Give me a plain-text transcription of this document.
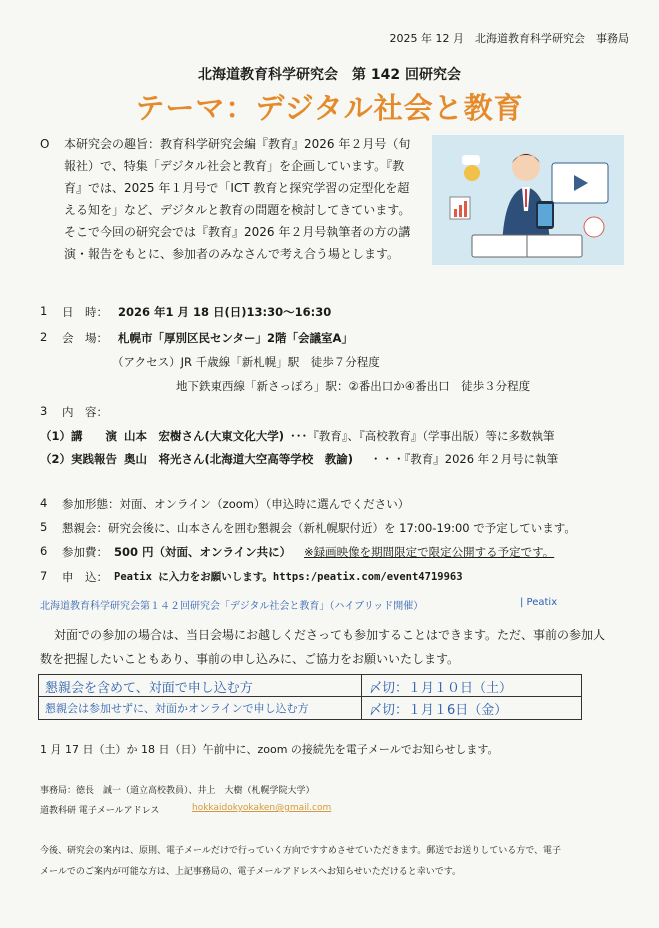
2025 年 12 月　北海道教育科学研究会　事務局
北海道教育科学研究会　第 142 回研究会
テーマ：デジタル社会と教育
O 本研究会の趣旨：教育科学研究会編『教育』2026 年２月号（旬
報社）で、特集「デジタル社会と教育」を企画しています。『教
育』では、2025 年１月号で「ICT 教育と探究学習の定型化を超
える知を」など、デジタルと教育の問題を検討してきています。
そこで今回の研究会では『教育』2026 年２月号執筆者の方の講
演・報告をもとに、参加者のみなさんで考え合う場とします。
1 日　時： 2026 年1 月 18 日(日)13:30～16:30
2 会　場： 札幌市「厚別区民センター」2階「会議室A」
（アクセス）JR 千歳線「新札幌」駅　徒歩７分程度
地下鉄東西線「新さっぽろ」駅：②番出口か④番出口　徒歩３分程度
3 内　容：
（1）講　　演 山本　宏樹さん(大東文化大学) ･･･『教育』、『高校教育』（学事出版）等に多数執筆
（2）実践報告 奥山　将光さん(北海道大空高等学校　教諭) ・・・『教育』2026 年２月号に執筆
4 参加形態：対面、オンライン（zoom）（申込時に選んでください）
5 懇親会：研究会後に、山本さんを囲む懇親会（新札幌駅付近）を 17:00-19:00 で予定しています。
6 参加費： 500 円（対面、オンライン共に） ※録画映像を期間限定で限定公開する予定です。
7 申　込： Peatix に入力をお願いします。https:/peatix.com/event4719963
北海道教育科学研究会第１４２回研究会「デジタル社会と教育」（ハイブリッド開催）	| Peatix
対面での参加の場合は、当日会場にお越しくださっても参加することはできます。ただ、事前の参加人
数を把握したいこともあり、事前の申し込みに、ご協力をお願いいたします。
懇親会を含めて、対面で申し込む方	〆切：１月１０日（土）
懇親会は参加せずに、対面かオンラインで申し込む方	〆切：１月１6日（金）
1 月 17 日（土）か 18 日（日）午前中に、zoom の接続先を電子メールでお知らせします。
事務局：徳長　誠一（道立高校教員）、井上　大樹（札幌学院大学）
道教科研 電子メールアドレス	hokkaidokyokaken@gmail.com
今後、研究会の案内は、原則、電子メールだけで行っていく方向ですすめさせていただきます。郵送でお送りしている方で、電子
メールでのご案内が可能な方は、上記事務局の、電子メールアドレスへお知らせいただけると幸いです。
